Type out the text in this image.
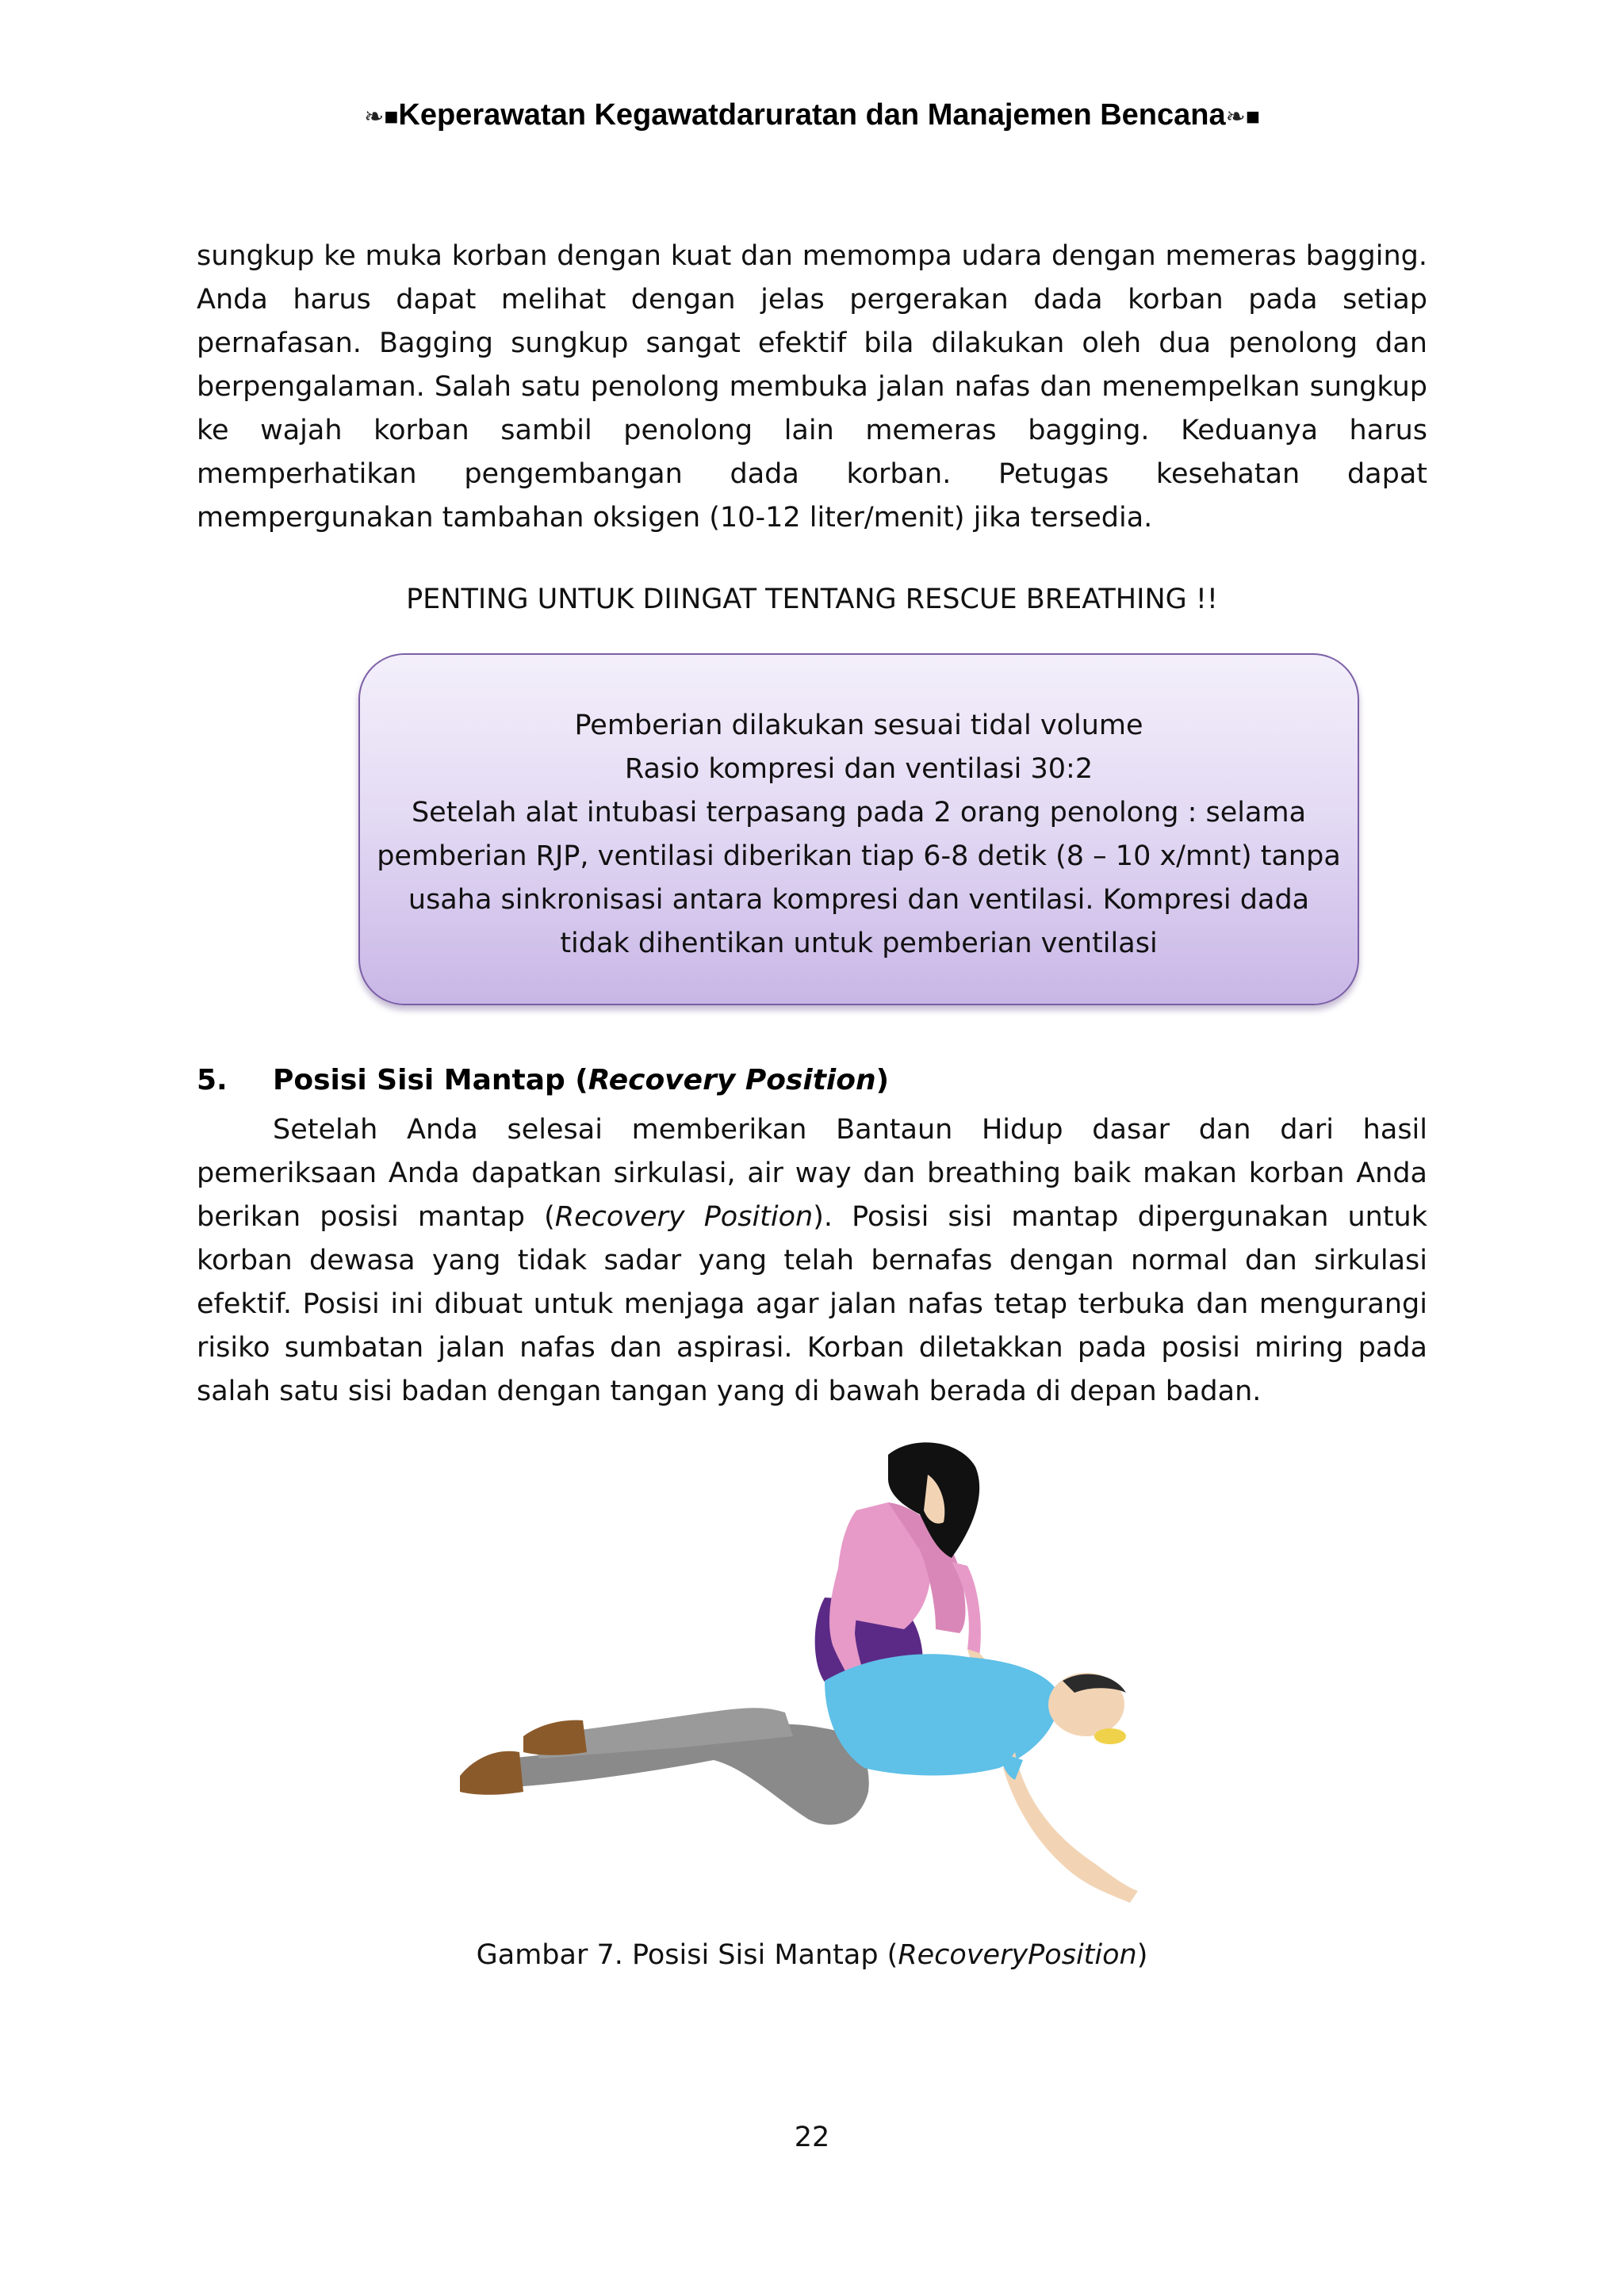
❧■Keperawatan Kegawatdaruratan dan Manajemen Bencana❧■
sungkup ke muka korban dengan kuat dan memompa udara dengan memeras bagging. Anda harus dapat melihat dengan jelas pergerakan dada korban pada setiap pernafasan. Bagging sungkup sangat efektif bila dilakukan oleh dua penolong dan berpengalaman. Salah satu penolong membuka jalan nafas dan menempelkan sungkup ke wajah korban sambil penolong lain memeras bagging. Keduanya harus memperhatikan pengembangan dada korban. Petugas kesehatan dapat mempergunakan tambahan oksigen (10-12 liter/menit) jika tersedia.
PENTING UNTUK DIINGAT TENTANG RESCUE BREATHING !!
Pemberian dilakukan sesuai tidal volume
Rasio kompresi dan ventilasi 30:2
Setelah alat intubasi terpasang pada 2 orang penolong : selama
pemberian RJP, ventilasi diberikan tiap 6-8 detik (8 – 10 x/mnt) tanpa
usaha sinkronisasi antara kompresi dan ventilasi. Kompresi dada
tidak dihentikan untuk pemberian ventilasi
5. Posisi Sisi Mantap (Recovery Position)
Setelah Anda selesai memberikan Bantaun Hidup dasar dan dari hasil pemeriksaan Anda dapatkan sirkulasi, air way dan breathing baik makan korban Anda berikan posisi mantap (Recovery Position). Posisi sisi mantap dipergunakan untuk korban dewasa yang tidak sadar yang telah bernafas dengan normal dan sirkulasi efektif. Posisi ini dibuat untuk menjaga agar jalan nafas tetap terbuka dan mengurangi risiko sumbatan jalan nafas dan aspirasi. Korban diletakkan pada posisi miring pada salah satu sisi badan dengan tangan yang di bawah berada di depan badan.
Gambar 7. Posisi Sisi Mantap (RecoveryPosition)
22
